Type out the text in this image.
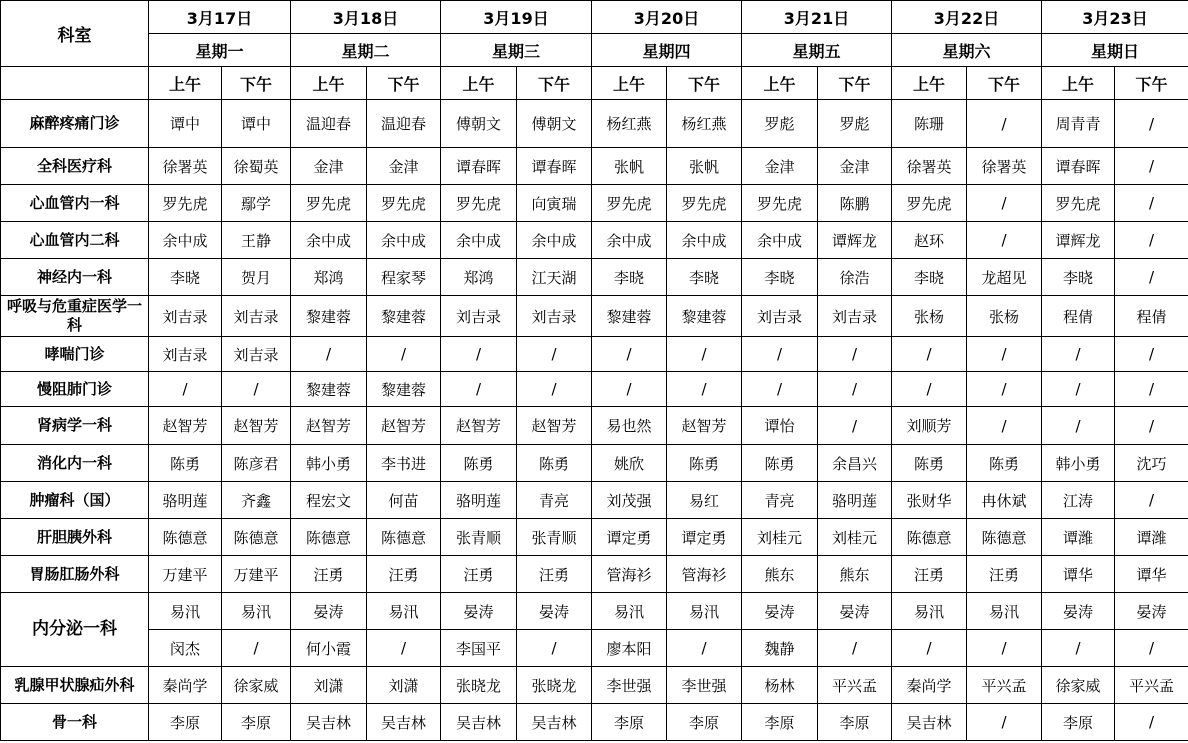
科室	3月17日		3月18日		3月19日		3月20日		3月21日		3月22日		3月23日	
	星期一		星期二		星期三		星期四		星期五		星期六		星期日	
	上午	下午	上午	下午	上午	下午	上午	下午	上午	下午	上午	下午	上午	下午
麻醉疼痛门诊	谭中	谭中	温迎春	温迎春	傅朝文	傅朝文	杨红燕	杨红燕	罗彪	罗彪	陈珊	/	周青青	/
全科医疗科	徐署英	徐蜀英	金津	金津	谭春晖	谭春晖	张帆	张帆	金津	金津	徐署英	徐署英	谭春晖	/
心血管内一科	罗先虎	鄢学	罗先虎	罗先虎	罗先虎	向寅瑞	罗先虎	罗先虎	罗先虎	陈鹏	罗先虎	/	罗先虎	/
心血管内二科	余中成	王静	余中成	余中成	余中成	余中成	余中成	余中成	余中成	谭辉龙	赵环	/	谭辉龙	/
神经内一科	李晓	贺月	郑鸿	程家琴	郑鸿	江天湖	李晓	李晓	李晓	徐浩	李晓	龙超见	李晓	/
呼吸与危重症医学一科	刘吉录	刘吉录	黎建蓉	黎建蓉	刘吉录	刘吉录	黎建蓉	黎建蓉	刘吉录	刘吉录	张杨	张杨	程倩	程倩
哮喘门诊	刘吉录	刘吉录	/	/	/	/	/	/	/	/	/	/	/	/
慢阻肺门诊	/	/	黎建蓉	黎建蓉	/	/	/	/	/	/	/	/	/	/
肾病学一科	赵智芳	赵智芳	赵智芳	赵智芳	赵智芳	赵智芳	易也然	赵智芳	谭怡	/	刘顺芳	/	/	/
消化内一科	陈勇	陈彦君	韩小勇	李书进	陈勇	陈勇	姚欣	陈勇	陈勇	余昌兴	陈勇	陈勇	韩小勇	沈巧
肿瘤科（国）	骆明莲	齐鑫	程宏文	何苗	骆明莲	青亮	刘茂强	易红	青亮	骆明莲	张财华	冉休斌	江涛	/
肝胆胰外科	陈德意	陈德意	陈德意	陈德意	张青顺	张青顺	谭定勇	谭定勇	刘桂元	刘桂元	陈德意	陈德意	谭潍	谭潍
胃肠肛肠外科	万建平	万建平	汪勇	汪勇	汪勇	汪勇	管海衫	管海衫	熊东	熊东	汪勇	汪勇	谭华	谭华
内分泌一科	易汛	易汛	晏涛	易汛	晏涛	晏涛	易汛	易汛	晏涛	晏涛	易汛	易汛	晏涛	晏涛
	闵杰	/	何小霞	/	李国平	/	廖本阳	/	魏静	/	/	/	/	/
乳腺甲状腺疝外科	秦尚学	徐家威	刘潇	刘潇	张晓龙	张晓龙	李世强	李世强	杨林	平兴孟	秦尚学	平兴孟	徐家威	平兴孟
骨一科	李原	李原	吴吉林	吴吉林	吴吉林	吴吉林	李原	李原	李原	李原	吴吉林	/	李原	/
